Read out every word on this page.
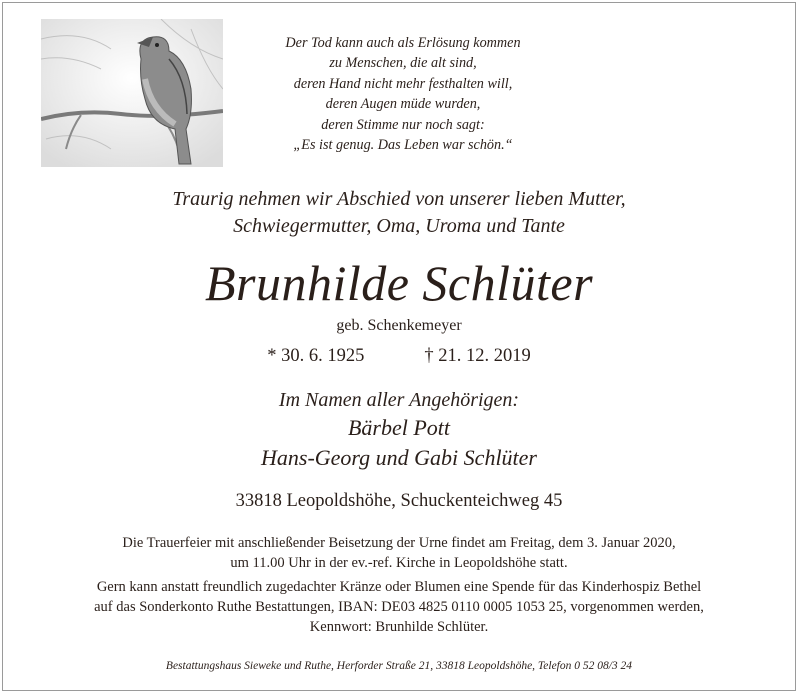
Der Tod kann auch als Erlösung kommen
zu Menschen, die alt sind,
deren Hand nicht mehr festhalten will,
deren Augen müde wurden,
deren Stimme nur noch sagt:
„Es ist genug. Das Leben war schön.“
Traurig nehmen wir Abschied von unserer lieben Mutter,
Schwiegermutter, Oma, Uroma und Tante
Brunhilde Schlüter
geb. Schenkemeyer
* 30. 6. 1925	† 21. 12. 2019
Im Namen aller Angehörigen:
Bärbel Pott
Hans-Georg und Gabi Schlüter
33818 Leopoldshöhe, Schuckenteichweg 45
Die Trauerfeier mit anschließender Beisetzung der Urne findet am Freitag, dem 3. Januar 2020,
um 11.00 Uhr in der ev.-ref. Kirche in Leopoldshöhe statt.
Gern kann anstatt freundlich zugedachter Kränze oder Blumen eine Spende für das Kinderhospiz Bethel
auf das Sonderkonto Ruthe Bestattungen, IBAN: DE03 4825 0110 0005 1053 25, vorgenommen werden,
Kennwort: Brunhilde Schlüter.
Bestattungshaus Sieweke und Ruthe, Herforder Straße 21, 33818 Leopoldshöhe, Telefon 0 52 08/3 24
